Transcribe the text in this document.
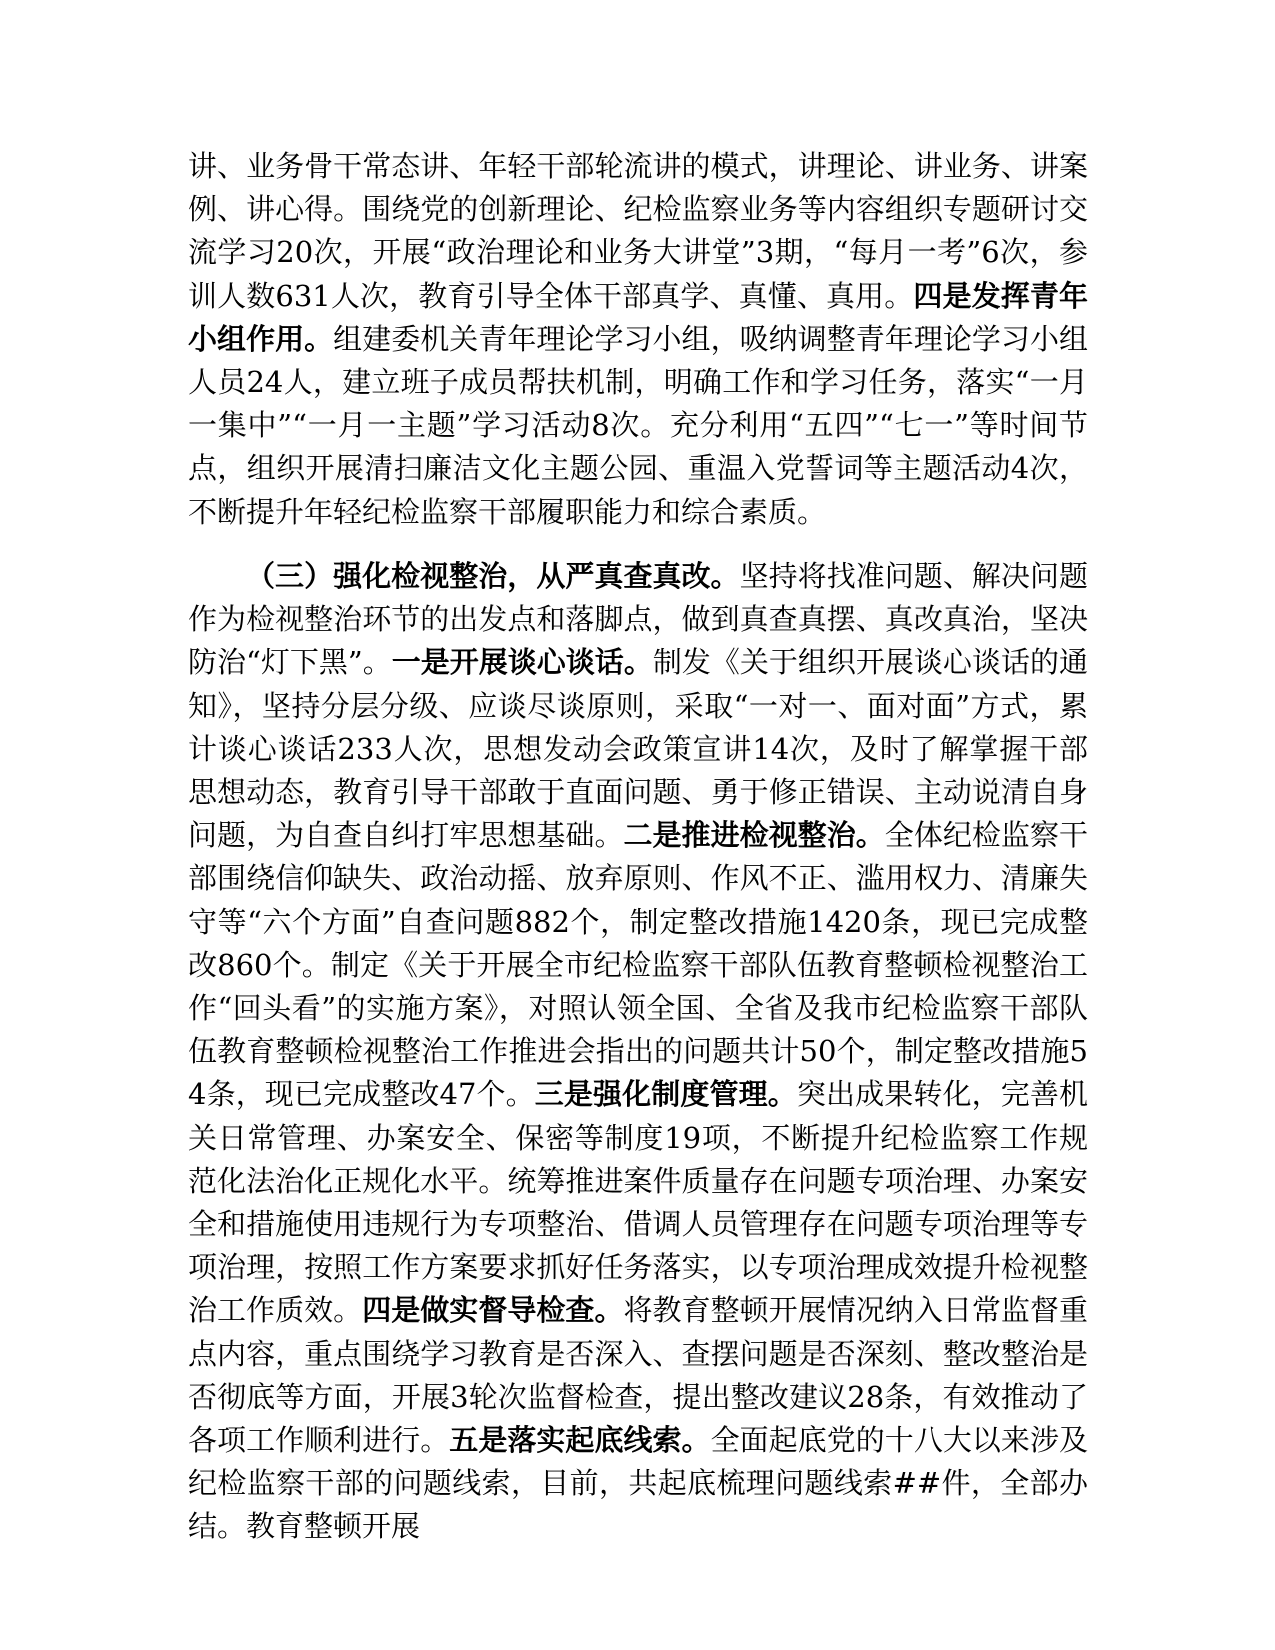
讲、业务骨干常态讲、年轻干部轮流讲的模式，讲理论、讲业务、讲案例、讲心得。围绕党的创新理论、纪检监察业务等内容组织专题研讨交流学习20次，开展“政治理论和业务大讲堂”3期，“每月一考”6次，参训人数631人次，教育引导全体干部真学、真懂、真用。四是发挥青年小组作用。组建委机关青年理论学习小组，吸纳调整青年理论学习小组人员24人，建立班子成员帮扶机制，明确工作和学习任务，落实“一月一集中”“一月一主题”学习活动8次。充分利用“五四”“七一”等时间节点，组织开展清扫廉洁文化主题公园、重温入党誓词等主题活动4次，不断提升年轻纪检监察干部履职能力和综合素质。

（三）强化检视整治，从严真查真改。坚持将找准问题、解决问题作为检视整治环节的出发点和落脚点，做到真查真摆、真改真治，坚决防治“灯下黑”。一是开展谈心谈话。制发《关于组织开展谈心谈话的通知》，坚持分层分级、应谈尽谈原则，采取“一对一、面对面”方式，累计谈心谈话233人次，思想发动会政策宣讲14次，及时了解掌握干部思想动态，教育引导干部敢于直面问题、勇于修正错误、主动说清自身问题，为自查自纠打牢思想基础。二是推进检视整治。全体纪检监察干部围绕信仰缺失、政治动摇、放弃原则、作风不正、滥用权力、清廉失守等“六个方面”自查问题882个，制定整改措施1420条，现已完成整改860个。制定《关于开展全市纪检监察干部队伍教育整顿检视整治工作“回头看”的实施方案》，对照认领全国、全省及我市纪检监察干部队伍教育整顿检视整治工作推进会指出的问题共计50个，制定整改措施54条，现已完成整改47个。三是强化制度管理。突出成果转化，完善机关日常管理、办案安全、保密等制度19项，不断提升纪检监察工作规范化法治化正规化水平。统筹推进案件质量存在问题专项治理、办案安全和措施使用违规行为专项整治、借调人员管理存在问题专项治理等专项治理，按照工作方案要求抓好任务落实，以专项治理成效提升检视整治工作质效。四是做实督导检查。将教育整顿开展情况纳入日常监督重点内容，重点围绕学习教育是否深入、查摆问题是否深刻、整改整治是否彻底等方面，开展3轮次监督检查，提出整改建议28条，有效推动了各项工作顺利进行。五是落实起底线索。全面起底党的十八大以来涉及纪检监察干部的问题线索，目前，共起底梳理问题线索##件，全部办结。教育整顿开展
